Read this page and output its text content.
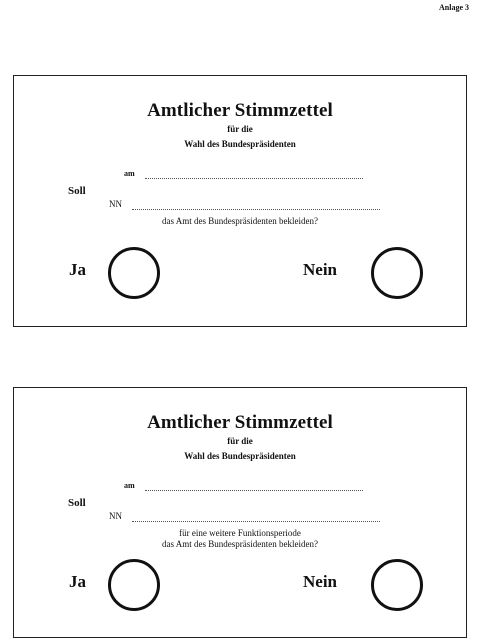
Anlage 3
Amtlicher Stimmzettel
für die
Wahl des Bundespräsidenten
am
Soll
NN
das Amt des Bundespräsidenten bekleiden?
Ja	Nein
Amtlicher Stimmzettel
für die
Wahl des Bundespräsidenten
am
Soll
NN
für eine weitere Funktionsperiode
das Amt des Bundespräsidenten bekleiden?
Ja	Nein
